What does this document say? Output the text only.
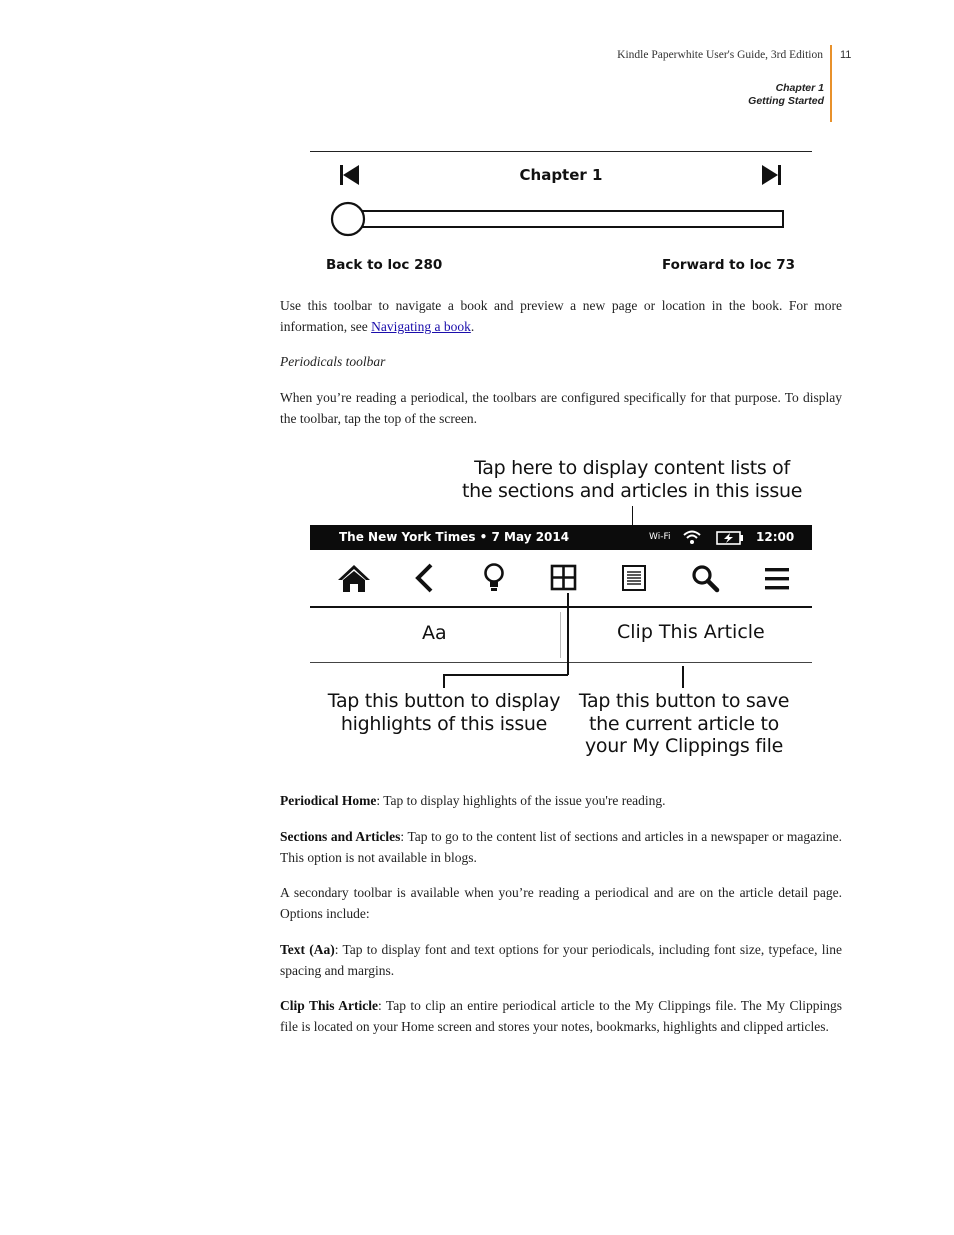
Kindle Paperwhite User's Guide, 3rd Edition 11
Chapter 1
Getting Started
Chapter 1
Back to loc 280	Forward to loc 73
Use this toolbar to navigate a book and preview a new page or location in the book. For more information, see Navigating a book.
Periodicals toolbar
When you’re reading a periodical, the toolbars are configured specifically for that purpose. To display the toolbar, tap the top of the screen.
Tap here to display content lists of
the sections and articles in this issue
The New York Times • 7 May 2014	Wi-Fi	12:00
Aa	Clip This Article
Tap this button to display
highlights of this issue
Tap this button to save
the current article to
your My Clippings file
Periodical Home: Tap to display highlights of the issue you're reading.
Sections and Articles: Tap to go to the content list of sections and articles in a newspaper or magazine. This option is not available in blogs.
A secondary toolbar is available when you’re reading a periodical and are on the article detail page. Options include:
Text (Aa): Tap to display font and text options for your periodicals, including font size, typeface, line spacing and margins.
Clip This Article: Tap to clip an entire periodical article to the My Clippings file. The My Clippings file is located on your Home screen and stores your notes, bookmarks, highlights and clipped articles.
